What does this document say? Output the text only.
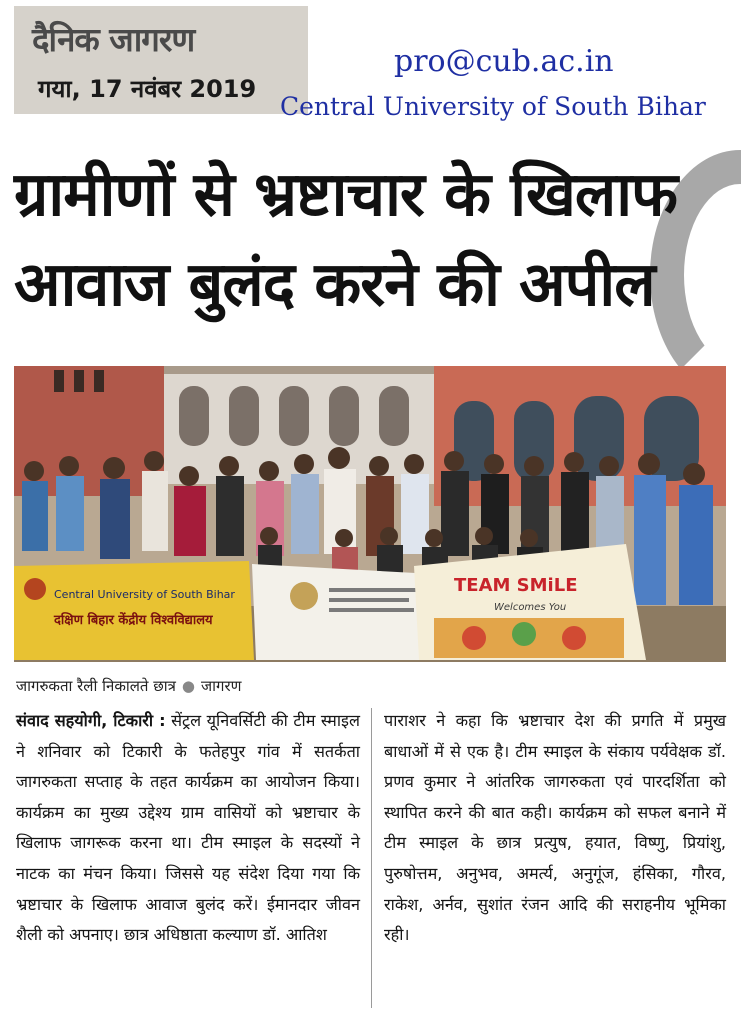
दैनिक जागरण
गया, 17 नवंबर 2019
pro@cub.ac.in
Central University of South Bihar
ग्रामीणों से भ्रष्टाचार के खिलाफ
आवाज बुलंद करने की अपील
Central University of South Bihar
दक्षिण बिहार केंद्रीय विश्वविद्यालय
TEAM SMiLE
Welcomes You
जागरुकता रैली निकालते छात्र ● जागरण
संवाद सहयोगी, टिकारी : सेंट्रल यूनिवर्सिटी की टीम स्माइल ने शनिवार को टिकारी के फतेहपुर गांव में सतर्कता जागरुकता सप्ताह के तहत कार्यक्रम का आयोजन किया। कार्यक्रम का मुख्य उद्देश्य ग्राम वासियों को भ्रष्टाचार के खिलाफ जागरूक करना था। टीम स्माइल के सदस्यों ने नाटक का मंचन किया। जिससे यह संदेश दिया गया कि भ्रष्टाचार के खिलाफ आवाज बुलंद करें। ईमानदार जीवन शैली को अपनाए। छात्र अधिष्ठाता कल्याण डॉ. आतिश
पाराशर ने कहा कि भ्रष्टाचार देश की प्रगति में प्रमुख बाधाओं में से एक है। टीम स्माइल के संकाय पर्यवेक्षक डॉ. प्रणव कुमार ने आंतरिक जागरुकता एवं पारदर्शिता को स्थापित करने की बात कही। कार्यक्रम को सफल बनाने में टीम स्माइल के छात्र प्रत्युष, हयात, विष्णु, प्रियांशु, पुरुषोत्तम, अनुभव, अमर्त्य, अनुगूंज, हंसिका, गौरव, राकेश, अर्नव, सुशांत रंजन आदि की सराहनीय भूमिका रही।
